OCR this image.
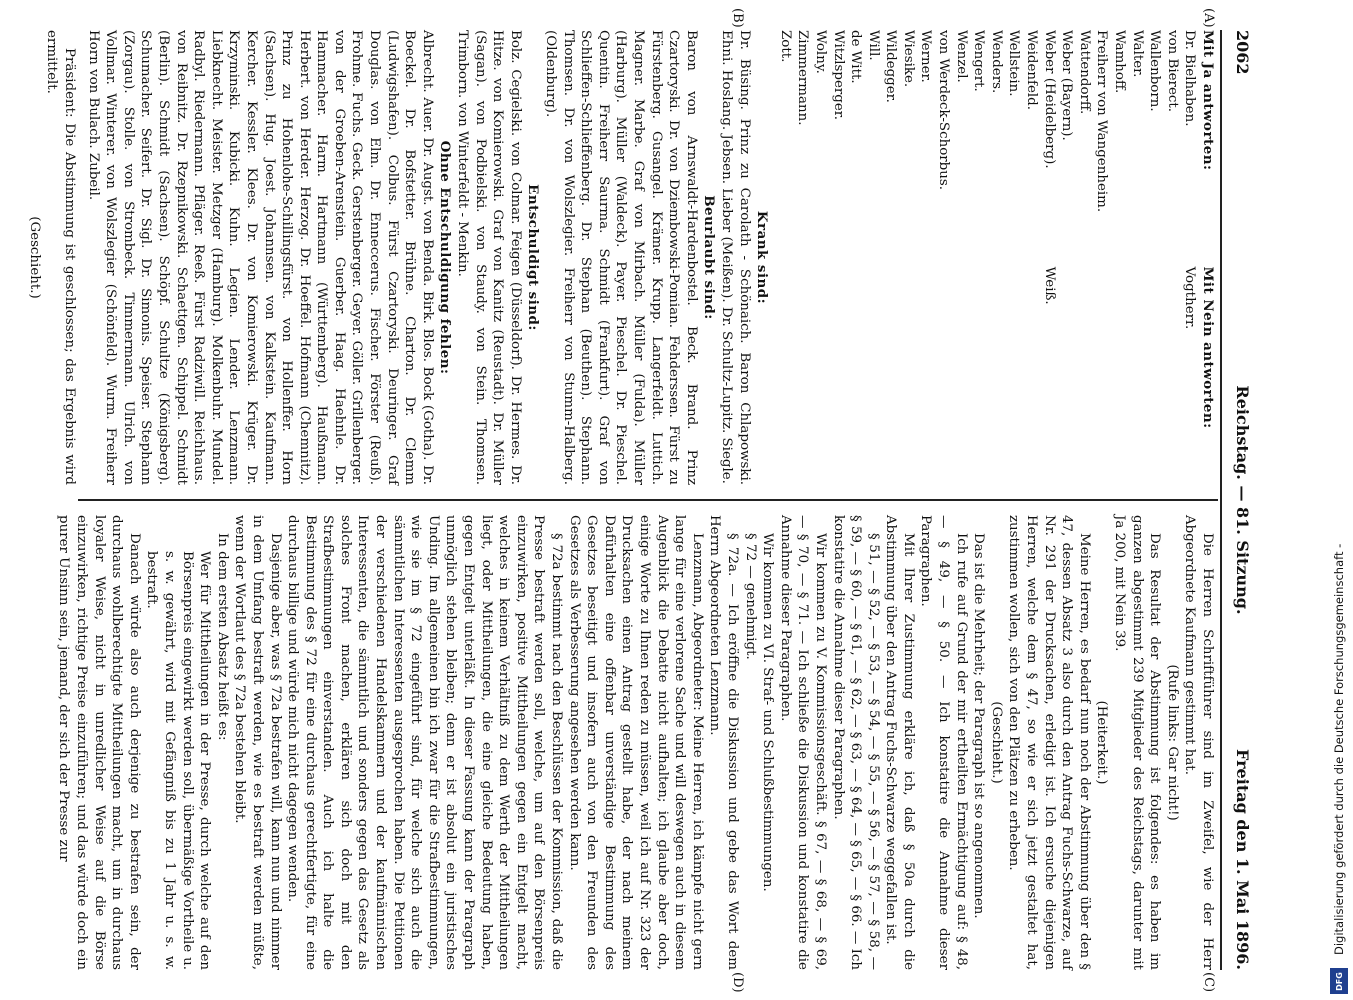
2062
Reichstag. — 81. Sitzung.
Freitag den 1. Mai 1896.
(A)
(B)
(C)
(D)
Mit Ja antworten:
Dr. Bielhaben.
von Bierect.
Wallenborn.
Walter.
Wamhoff.
Freiherr von Wangenheim.
Wattendorff.
Weber (Bayern).
Weber (Heidelberg).
Weidenfeld.
Wellstein.
Wenders.
Wengert.
Wenzel.
von Werdeck-Schorbus.
Werner.
Wiesike.
Wildegger.
Will.
de Witt.
Witzlsperger.
Wolny.
Zimmermann.
Zott.
Mit Nein antworten:
Vogtherr.

Weiß.
Krank sind:

Dr. Büsing. Prinz zu Carolath - Schönaich. Baron Chlapowski. Ehni. Hoslang. Jebsen. Lieber (Meißen). Dr. Schultz-Lupitz. Siegle.

Beurlaubt sind:

Baron von Arnswaldt-Hardenbostel. Beck. Brand. Prinz Czartoryski. Dr. von Dziembowski-Pomian. Fehderssen. Fürst zu Fürstenberg. Gusangel. Krämer. Krupp. Langerfeldt. Luttich. Magner. Marbe. Graf von Mirbach. Müller (Fulda). Müller (Harburg). Müller (Waldeck). Payer. Pieschel. Dr. Pieschel. Quentin. Freiherr Saurma. Schmidt (Frankfurt). Graf von Schlieffen-Schlieffenberg. Dr. Stephan (Beuthen). Stephann. Thomsen. Dr. von Wolszlegier. Freiherr von Stumm-Halberg. (Oldenburg).

Entschuldigt sind:

Bolz. Cegielski. von Colmar. Feigen (Düsseldorf). Dr. Hermes. Dr. Hitze. von Komierowski. Graf von Kanitz (Reustadt). Dr. Müller (Sagan). von Podbielski. von Staudy. von Stein. Thomsen. Trimborn. von Winterfeldt - Menkin.

Ohne Entschuldigung fehlen:

Albrecht. Auer. Dr. Augst. von Benda. Birk. Blos. Bock (Gotha). Dr. Boeckel. Dr. Bofstetter. Brühne. Charton. Dr. Clemm (Ludwigshafen). Colbus. Fürst Czartoryski. Deuringer. Graf Douglas. von Elm. Dr. Enneccerus. Fischer. Förster (Reuß). Frohme. Fuchs. Geck. Gerstenberger. Geyer. Göller. Grillenberger. von der Groeben-Arenstein. Guerber. Haag. Haehnle. Dr. Hammacher. Harm. Hartmann (Württemberg). Haußmann. Herbert. von Herder. Herzog. Dr. Hoeffel. Hofmann (Chemnitz). Prinz zu Hohenlohe-Schillingsfürst. von Hollenffer. Horn (Sachsen). Hug. Joest. Johannsen. von Kalkstein. Kaufmann. Kercher. Kessler. Klees. Dr. von Komierowski. Krüger. Dr. Krzyminski. Kubicki. Kuhn. Legien. Lender. Lenzmann. Liebknecht. Meister. Metzger (Hamburg). Molkenbuhr. Mundel. Radbyl. Riedermann. Pfläger. Reeß. Fürst Radziwill. Reichhaus. von Reibnitz. Dr. Rzepnikowski. Schaettgen. Schippel. Schmidt (Berlin). Schmidt (Sachsen). Schöpf. Schultze (Königsberg). Schumacher. Seifert. Dr. Sigl. Dr. Simonis. Speiser. Stephann (Zorgau). Stolle. von Strombeck. Timmermann. Ulrich. von Vollmar. Winterer. von Wolszlegier (Schönfeld). Wurm. Freiherr Horn von Bulach. Zubeil.

Präsident: Die Abstimmung ist geschlossen; das Ergebnis wird ermittelt.

(Geschieht.)

Die Herren Schriftführer sind im Zweifel, wie der Herr Abgeordnete Kaufmann gestimmt hat.

(Rufe links: Gar nicht!)

Das Resultat der Abstimmung ist folgendes: es haben im ganzen abgestimmt 239 Mitglieder des Reichstags, darunter mit Ja 200, mit Nein 39.

(Heiterkeit.)

Meine Herren, es bedarf nun noch der Abstimmung über den § 47, dessen Absatz 3 also durch den Antrag Fuchs-Schwarze, auf Nr. 291 der Drucksachen, erledigt ist. Ich ersuche diejenigen Herren, welche dem § 47, so wie er sich jetzt gestaltet hat, zustimmen wollen, sich von den Plätzen zu erheben.

(Geschieht.)

Das ist die Mehrheit; der Paragraph ist so angenommen.

Ich rufe auf Grund der mir ertheilten Ermächtigung auf: § 48, — § 49, — § 50. — Ich konstatire die Annahme dieser Paragraphen.

Mit Ihrer Zustimmung erkläre ich, daß § 50a durch die Abstimmung über den Antrag Fuchs-Schwarze weggefallen ist.

§ 51, — § 52, — § 53, — § 54, — § 55, — § 56, — § 57, — § 58, — § 59, — § 60, — § 61, — § 62, — § 63, — § 64, — § 65, — § 66. — Ich konstatire die Annahme dieser Paragraphen.

Wir kommen zu V. Kommissionsgeschäft. § 67, — § 68, — § 69, — § 70, — § 71. — Ich schließe die Diskussion und konstatire die Annahme dieser Paragraphen.

Wir kommen zu VI. Straf- und Schlußbestimmungen.

§ 72 — genehmigt.

§ 72a. — Ich eröffne die Diskussion und gebe das Wort dem Herrn Abgeordneten Lenzmann.

Lenzmann, Abgeordneter: Meine Herren, ich kämpfe nicht gern lange für eine verlorene Sache und will deswegen auch in diesem Augenblick die Debatte nicht aufhalten; ich glaube aber doch, einige Worte zu Ihnen reden zu müssen, weil ich auf Nr. 323 der Drucksachen einen Antrag gestellt habe, der nach meinem Dafürhalten eine offenbar unverständige Bestimmung des Gesetzes beseitigt und insofern auch von den Freunden des Gesetzes als Verbesserung angesehen werden kann.

§ 72a bestimmt nach den Beschlüssen der Kommission, daß die Presse bestraft werden soll, welche, um auf den Börsenpreis einzuwirken, positive Mittheilungen gegen ein Entgelt macht, welches in keinem Verhältniß zu dem Werth der Mittheilungen liegt, oder Mittheilungen, die eine gleiche Bedeutung haben, gegen Entgelt unterläßt. In dieser Fassung kann der Paragraph unmöglich stehen bleiben; denn er ist absolut ein juristisches Unding. Im allgemeinen bin ich zwar für die Strafbestimmungen, wie sie im § 72 eingeführt sind, für welche sich auch die sämmtlichen Interessenten ausgesprochen haben. Die Petitionen der verschiedenen Handelskammern und der kaufmännischen Interessenten, die sämmtlich und sonders gegen das Gesetz als solches Front machen, erklären sich doch mit den Strafbestimmungen einverstanden. Auch ich halte die Bestimmung des § 72 für eine durchaus gerechtfertigte, für eine durchaus billige und würde mich nicht dagegen wenden.

Dasjenige aber, was § 72a bestrafen will, kann nun und nimmer in dem Umfang bestraft werden, wie es bestraft werden müßte, wenn der Wortlaut des § 72a bestehen bleibt.

In dem ersten Absatz heißt es:

Wer für Mittheilungen in der Presse, durch welche auf den Börsenpreis eingewirkt werden soll, übermäßige Vortheile u. s. w. gewährt, wird mit Gefängniß bis zu 1 Jahr u. s. w. bestraft.

Danach würde also auch derjenige zu bestrafen sein, der durchaus wohlberechtigte Mittheilungen macht, um in durchaus loyaler Weise, nicht in unredlicher Weise auf die Börse einzuwirken, richtige Preise einzuführen; und das würde doch ein purer Unsinn sein, jemand, der sich der Presse zur	Digitalisierung gefördert durch die Deutsche Forschungsgemeinschaft -
DFG
